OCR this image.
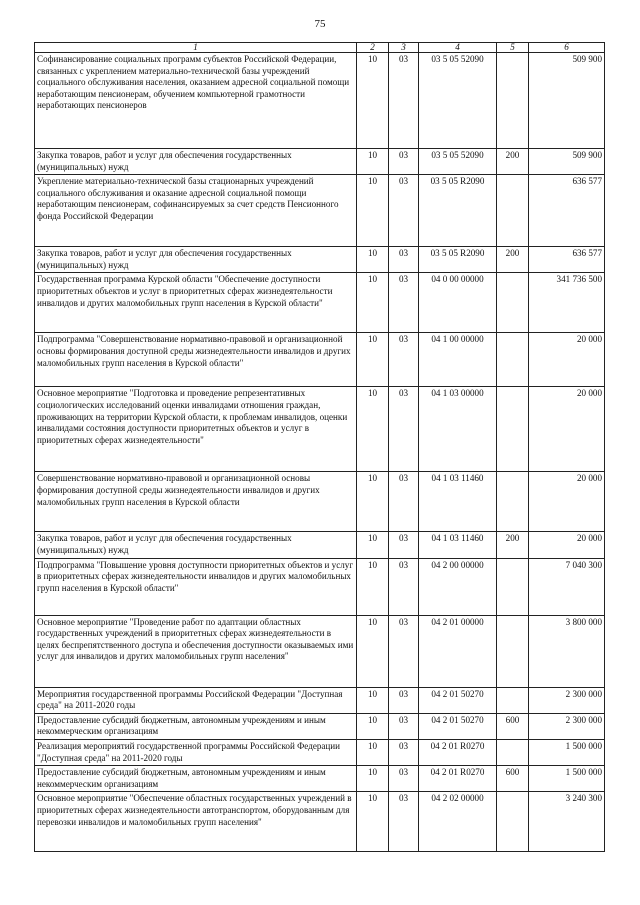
75
1	2	3	4	5	6
Софинансирование социальных программ субъектов Российской Федерации, связанных с укреплением материально-технической базы учреждений социального обслуживания населения, оказанием адресной социальной помощи неработающим пенсионерам, обучением компьютерной грамотности неработающих пенсионеров	10	03	03 5 05 52090		509 900
Закупка товаров, работ и услуг для обеспечения государственных (муниципальных) нужд	10	03	03 5 05 52090	200	509 900
Укрепление материально-технической базы стационарных учреждений социального обслуживания и оказание адресной социальной помощи неработающим пенсионерам, софинансируемых за счет средств Пенсионного фонда Российской Федерации	10	03	03 5 05 R2090		636 577
Закупка товаров, работ и услуг для обеспечения государственных (муниципальных) нужд	10	03	03 5 05 R2090	200	636 577
Государственная программа Курской области "Обеспечение доступности приоритетных объектов и услуг в приоритетных сферах жизнедеятельности инвалидов и других маломобильных групп населения в Курской области"	10	03	04 0 00 00000		341 736 500
Подпрограмма "Совершенствование нормативно-правовой и организационной основы формирования доступной среды жизнедеятельности инвалидов и других маломобильных групп населения в Курской области"	10	03	04 1 00 00000		20 000
Основное мероприятие "Подготовка и проведение репрезентативных социологических исследований оценки инвалидами отношения граждан, проживающих на территории Курской области, к проблемам инвалидов, оценки инвалидами состояния доступности приоритетных объектов и услуг в приоритетных сферах жизнедеятельности"	10	03	04 1 03 00000		20 000
Совершенствование нормативно-правовой и организационной основы формирования доступной среды жизнедеятельности инвалидов и других маломобильных групп населения в Курской области	10	03	04 1 03 11460		20 000
Закупка товаров, работ и услуг для обеспечения государственных (муниципальных) нужд	10	03	04 1 03 11460	200	20 000
Подпрограмма "Повышение уровня доступности приоритетных объектов и услуг в приоритетных сферах жизнедеятельности инвалидов и других маломобильных групп населения в Курской области"	10	03	04 2 00 00000		7 040 300
Основное мероприятие "Проведение работ по адаптации областных государственных учреждений в приоритетных сферах жизнедеятельности в целях беспрепятственного доступа и обеспечения доступности оказываемых ими услуг для инвалидов и других маломобильных групп населения"	10	03	04 2 01 00000		3 800 000
Мероприятия государственной программы Российской Федерации "Доступная среда" на 2011-2020 годы	10	03	04 2 01 50270		2 300 000
Предоставление субсидий бюджетным, автономным учреждениям и иным некоммерческим организациям	10	03	04 2 01 50270	600	2 300 000
Реализация мероприятий государственной программы Российской Федерации "Доступная среда" на 2011-2020 годы	10	03	04 2 01 R0270		1 500 000
Предоставление субсидий бюджетным, автономным учреждениям и иным некоммерческим организациям	10	03	04 2 01 R0270	600	1 500 000
Основное мероприятие "Обеспечение областных государственных учреждений в приоритетных сферах жизнедеятельности автотранспортом, оборудованным для перевозки инвалидов и маломобильных групп населения"	10	03	04 2 02 00000		3 240 300
